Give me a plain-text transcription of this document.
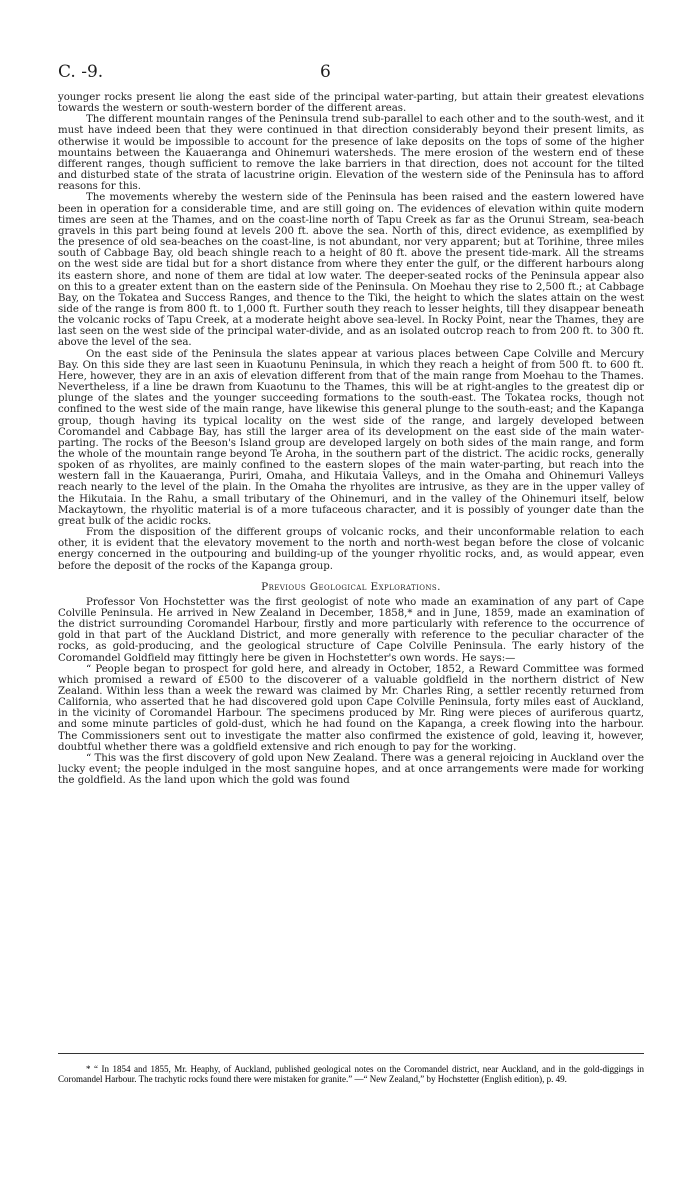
C. -9.	6

younger rocks present lie along the east side of the principal water-parting, but attain their greatest elevations towards the western or south-western border of the different areas.

The different mountain ranges of the Peninsula trend sub-parallel to each other and to the south-west, and it must have indeed been that they were continued in that direction considerably beyond their present limits, as otherwise it would be impossible to account for the presence of lake deposits on the tops of some of the higher mountains between the Kauaeranga and Ohinemuri watersheds. The mere erosion of the western end of these different ranges, though sufficient to remove the lake barriers in that direction, does not account for the tilted and disturbed state of the strata of lacustrine origin. Elevation of the western side of the Peninsula has to afford reasons for this.

The movements whereby the western side of the Peninsula has been raised and the eastern lowered have been in operation for a considerable time, and are still going on. The evidences of elevation within quite modern times are seen at the Thames, and on the coast-line north of Tapu Creek as far as the Orunui Stream, sea-beach gravels in this part being found at levels 200 ft. above the sea. North of this, direct evidence, as exemplified by the presence of old sea-beaches on the coast-line, is not abundant, nor very apparent; but at Torihine, three miles south of Cabbage Bay, old beach shingle reach to a height of 80 ft. above the present tide-mark. All the streams on the west side are tidal but for a short distance from where they enter the gulf, or the different harbours along its eastern shore, and none of them are tidal at low water. The deeper-seated rocks of the Peninsula appear also on this to a greater extent than on the eastern side of the Peninsula. On Moehau they rise to 2,500 ft.; at Cabbage Bay, on the Tokatea and Success Ranges, and thence to the Tiki, the height to which the slates attain on the west side of the range is from 800 ft. to 1,000 ft. Further south they reach to lesser heights, till they disappear beneath the volcanic rocks of Tapu Creek, at a moderate height above sea-level. In Rocky Point, near the Thames, they are last seen on the west side of the principal water-divide, and as an isolated outcrop reach to from 200 ft. to 300 ft. above the level of the sea.

On the east side of the Peninsula the slates appear at various places between Cape Colville and Mercury Bay. On this side they are last seen in Kuaotunu Peninsula, in which they reach a height of from 500 ft. to 600 ft. Here, however, they are in an axis of elevation different from that of the main range from Moehau to the Thames. Nevertheless, if a line be drawn from Kuaotunu to the Thames, this will be at right-angles to the greatest dip or plunge of the slates and the younger succeeding formations to the south-east. The Tokatea rocks, though not confined to the west side of the main range, have likewise this general plunge to the south-east; and the Kapanga group, though having its typical locality on the west side of the range, and largely developed between Coromandel and Cabbage Bay, has still the larger area of its development on the east side of the main water-parting. The rocks of the Beeson's Island group are developed largely on both sides of the main range, and form the whole of the mountain range beyond Te Aroha, in the southern part of the district. The acidic rocks, generally spoken of as rhyolites, are mainly confined to the eastern slopes of the main water-parting, but reach into the western fall in the Kauaeranga, Puriri, Omaha, and Hikutaia Valleys, and in the Omaha and Ohinemuri Valleys reach nearly to the level of the plain. In the Omaha the rhyolites are intrusive, as they are in the upper valley of the Hikutaia. In the Rahu, a small tributary of the Ohinemuri, and in the valley of the Ohinemuri itself, below Mackaytown, the rhyolitic material is of a more tufaceous character, and it is possibly of younger date than the great bulk of the acidic rocks.

From the disposition of the different groups of volcanic rocks, and their unconformable relation to each other, it is evident that the elevatory movement to the north and north-west began before the close of volcanic energy concerned in the outpouring and building-up of the younger rhyolitic rocks, and, as would appear, even before the deposit of the rocks of the Kapanga group.

Previous Geological Explorations.

Professor Von Hochstetter was the first geologist of note who made an examination of any part of Cape Colville Peninsula. He arrived in New Zealand in December, 1858,* and in June, 1859, made an examination of the district surrounding Coromandel Harbour, firstly and more particularly with reference to the occurrence of gold in that part of the Auckland District, and more generally with reference to the peculiar character of the rocks, as gold-producing, and the geological structure of Cape Colville Peninsula. The early history of the Coromandel Goldfield may fittingly here be given in Hochstetter's own words. He says:—

“ People began to prospect for gold here, and already in October, 1852, a Reward Committee was formed which promised a reward of £500 to the discoverer of a valuable goldfield in the northern district of New Zealand. Within less than a week the reward was claimed by Mr. Charles Ring, a settler recently returned from California, who asserted that he had discovered gold upon Cape Colville Peninsula, forty miles east of Auckland, in the vicinity of Coromandel Harbour. The specimens produced by Mr. Ring were pieces of auriferous quartz, and some minute particles of gold-dust, which he had found on the Kapanga, a creek flowing into the harbour. The Commissioners sent out to investigate the matter also confirmed the existence of gold, leaving it, however, doubtful whether there was a goldfield extensive and rich enough to pay for the working.

“ This was the first discovery of gold upon New Zealand. There was a general rejoicing in Auckland over the lucky event; the people indulged in the most sanguine hopes, and at once arrangements were made for working the goldfield. As the land upon which the gold was found

* “ In 1854 and 1855, Mr. Heaphy, of Auckland, published geological notes on the Coromandel district, near Auckland, and in the gold-diggings in Coromandel Harbour. The trachytic rocks found there were mistaken for granite.” —“ New Zealand,” by Hochstetter (English edition), p. 49.
